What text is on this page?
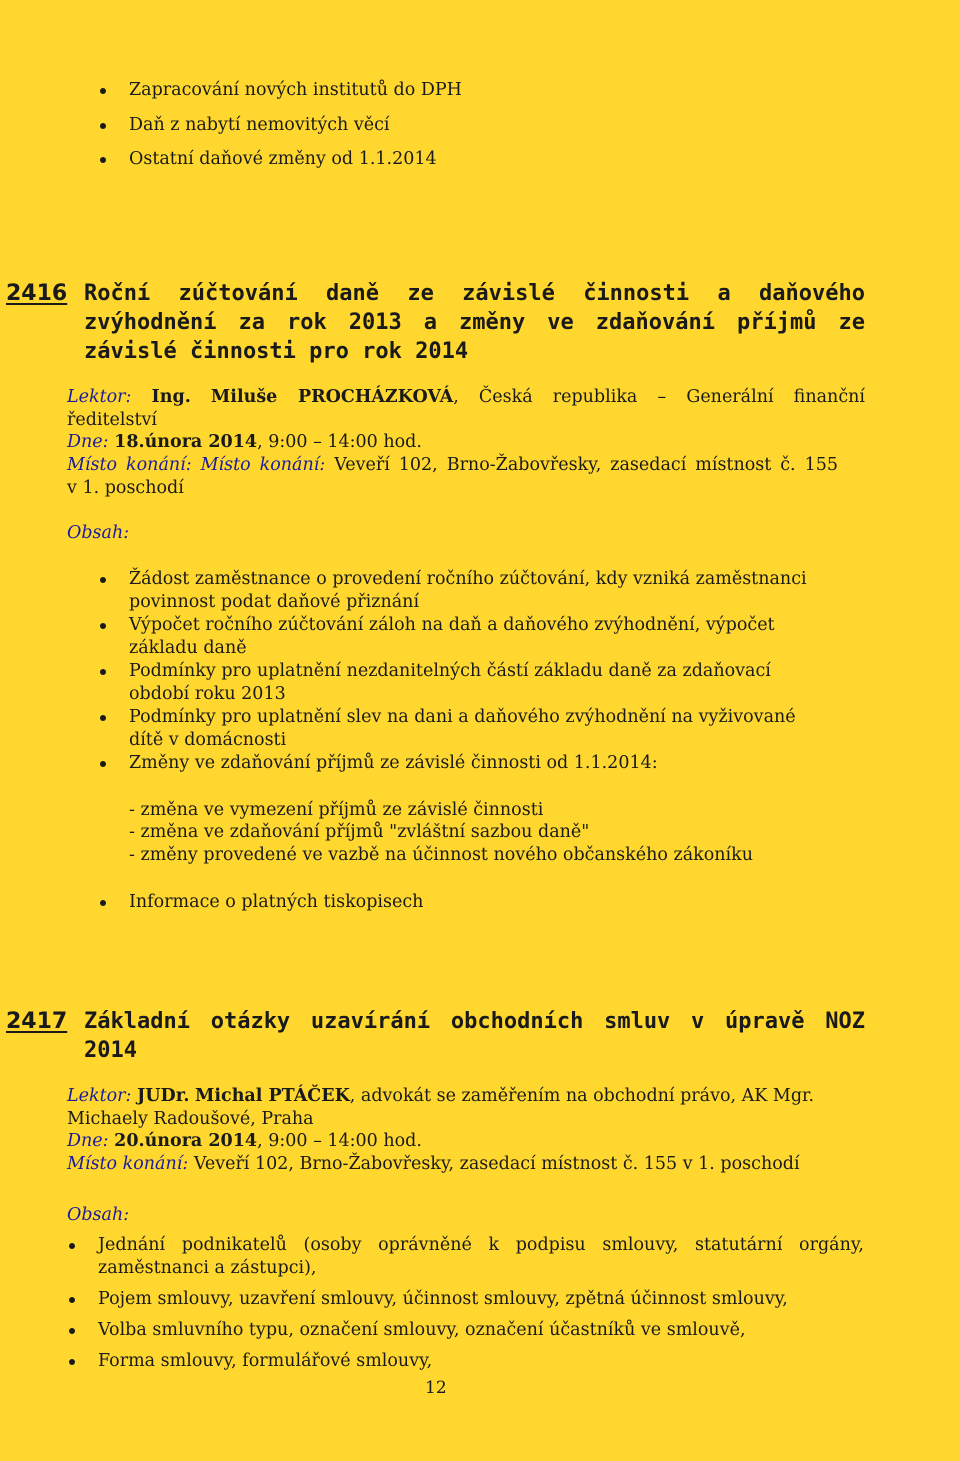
Zapracování nových institutů do DPH
Daň z nabytí nemovitých věcí
Ostatní daňové změny od 1.1.2014
2416 Roční zúčtování daně ze závislé činnosti a daňového
zvýhodnění za rok 2013 a změny ve zdaňování příjmů ze
závislé činnosti pro rok 2014
Lektor: Ing. Miluše PROCHÁZKOVÁ, Česká republika – Generální finanční
ředitelství
Dne: 18.února 2014, 9:00 – 14:00 hod.
Místo konání: Místo konání: Veveří 102, Brno-Žabovřesky, zasedací místnost č. 155
v 1. poschodí
Obsah:
Žádost zaměstnance o provedení ročního zúčtování, kdy vzniká zaměstnanci
povinnost podat daňové přiznání
Výpočet ročního zúčtování záloh na daň a daňového zvýhodnění, výpočet
základu daně
Podmínky pro uplatnění nezdanitelných částí základu daně za zdaňovací
období roku 2013
Podmínky pro uplatnění slev na dani a daňového zvýhodnění na vyživované
dítě v domácnosti
Změny ve zdaňování příjmů ze závislé činnosti od 1.1.2014:
- změna ve vymezení příjmů ze závislé činnosti
- změna ve zdaňování příjmů "zvláštní sazbou daně"
- změny provedené ve vazbě na účinnost nového občanského zákoníku
Informace o platných tiskopisech
2417 Základní otázky uzavírání obchodních smluv v úpravě NOZ
2014
Lektor: JUDr. Michal PTÁČEK, advokát se zaměřením na obchodní právo, AK Mgr.
Michaely Radoušové, Praha
Dne: 20.února 2014, 9:00 – 14:00 hod.
Místo konání: Veveří 102, Brno-Žabovřesky, zasedací místnost č. 155 v 1. poschodí
Obsah:
Jednání podnikatelů (osoby oprávněné k podpisu smlouvy, statutární orgány,
zaměstnanci a zástupci),
Pojem smlouvy, uzavření smlouvy, účinnost smlouvy, zpětná účinnost smlouvy,
Volba smluvního typu, označení smlouvy, označení účastníků ve smlouvě,
Forma smlouvy, formulářové smlouvy,
12
